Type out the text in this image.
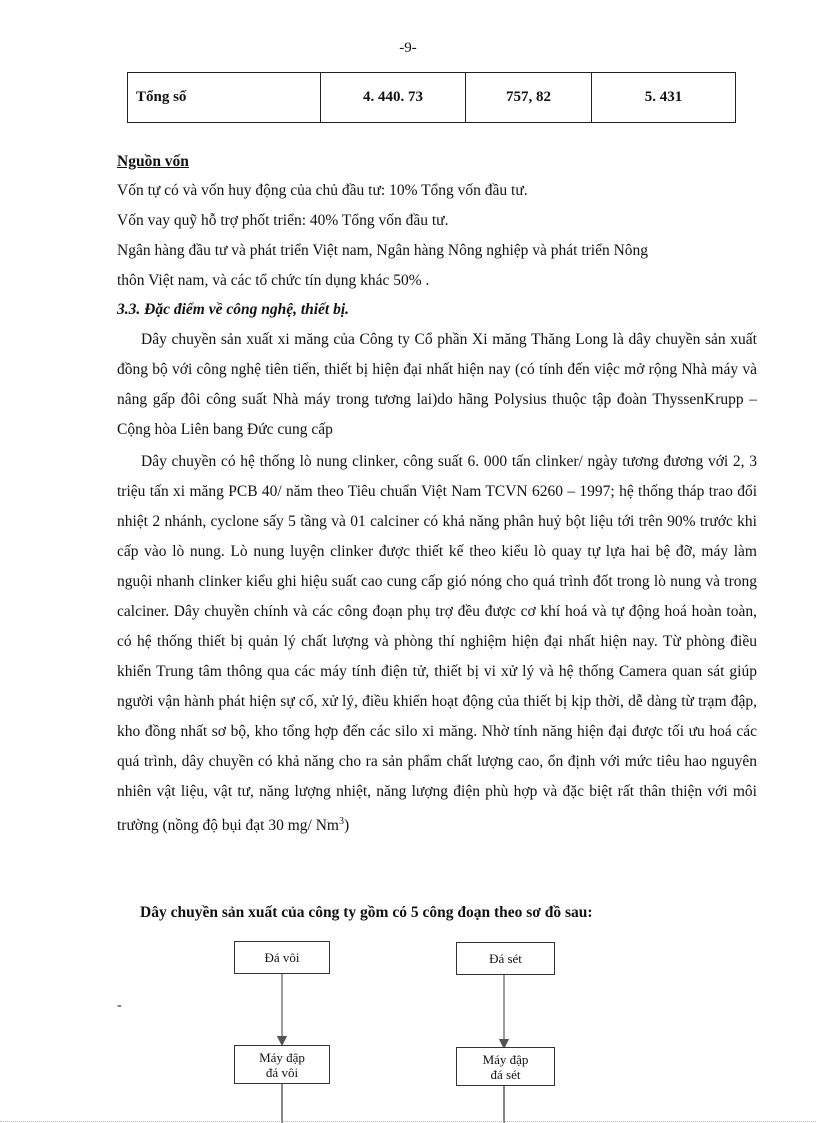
-9-
Tổng số	4. 440. 73	757, 82	5. 431
Nguồn vốn
Vốn tự có và vốn huy động của chủ đầu tư: 10% Tổng vốn đầu tư.
Vốn vay quỹ hỗ trợ phốt triển: 40% Tổng vốn đầu tư.
Ngân hàng đầu tư và phát triển Việt nam, Ngân hàng Nông nghiệp và phát triển Nông
thôn Việt nam, và các tổ chức tín dụng khác 50% .
3.3. Đặc điểm về công nghệ, thiết bị.
Dây chuyền sản xuất xi măng của Công ty Cổ phần Xi măng Thăng Long là dây chuyền sản xuất đồng bộ với công nghệ tiên tiến, thiết bị hiện đại nhất hiện nay (có tính đến việc mở rộng Nhà máy và nâng gấp đôi công suất Nhà máy trong tương lai)do hãng Polysius thuộc tập đoàn ThyssenKrupp – Cộng hòa Liên bang Đức cung cấp
Dây chuyền có hệ thống lò nung clinker, công suất 6. 000 tấn clinker/ ngày tương đương với 2, 3 triệu tấn xi măng PCB 40/ năm theo Tiêu chuẩn Việt Nam TCVN 6260 – 1997; hệ thống tháp trao đổi nhiệt 2 nhánh, cyclone sấy 5 tầng và 01 calciner có khả năng phân huỷ bột liệu tới trên 90% trước khi cấp vào lò nung. Lò nung luyện clinker được thiết kế theo kiểu lò quay tự lựa hai bệ đỡ, máy làm nguội nhanh clinker kiểu ghi hiệu suất cao cung cấp gió nóng cho quá trình đốt trong lò nung và trong calciner. Dây chuyền chính và các công đoạn phụ trợ đều được cơ khí hoá và tự động hoá hoàn toàn, có hệ thống thiết bị quản lý chất lượng và phòng thí nghiệm hiện đại nhất hiện nay. Từ phòng điều khiển Trung tâm thông qua các máy tính điện tử, thiết bị vi xử lý và hệ thống Camera quan sát giúp người vận hành phát hiện sự cố, xử lý, điều khiển hoạt động của thiết bị kịp thời, dễ dàng từ trạm đập, kho đồng nhất sơ bộ, kho tổng hợp đến các silo xi măng. Nhờ tính năng hiện đại được tối ưu hoá các quá trình, dây chuyền có khả năng cho ra sản phẩm chất lượng cao, ổn định với mức tiêu hao nguyên nhiên vật liệu, vật tư, năng lượng nhiệt, năng lượng điện phù hợp và đặc biệt rất thân thiện với môi trường (nồng độ bụi đạt 30 mg/ Nm$^3$)
Dây chuyền sản xuất của công ty gồm có 5 công đoạn theo sơ đồ sau:
-
Đá vôi	Đá sét
Máy đập
đá vôi
Máy đập
đá sét
